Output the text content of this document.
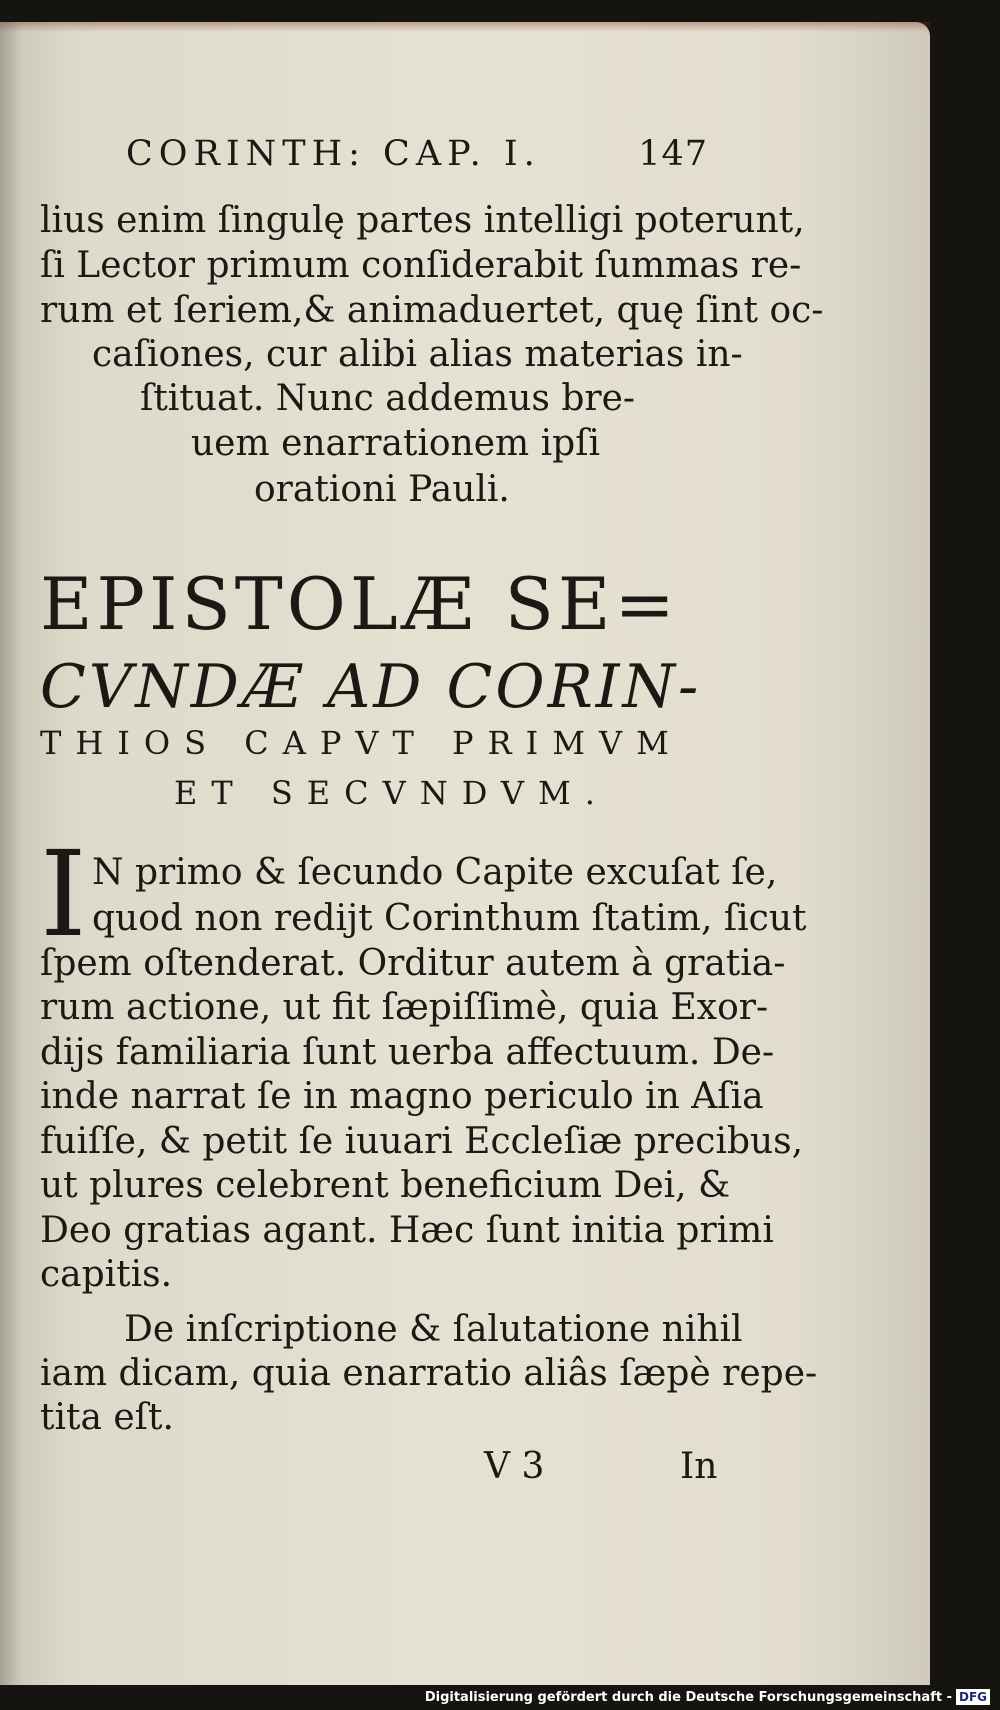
CORINTH: CAP. I.	147
lius enim ſingulę partes intelligi poterunt,
ſi Lector primum conſiderabit ſummas re-
rum et ſeriem,& animaduertet, quę ſint oc-
caſiones, cur alibi alias materias in-
ſtituat. Nunc addemus bre-
uem enarrationem ipſi
orationi Pauli.
EPISTOLÆ SE=
CVNDÆ AD CORIN-
THIOS CAPVT PRIMVM
ET SECVNDVM.
I N primo & ſecundo Capite excuſat ſe,
quod non rediјt Corinthum ſtatim, ſicut
ſpem oſtenderat. Orditur autem à gratia-
rum actione, ut fit ſæpiſſimè, quia Exor-
diјs familiaria ſunt uerba affectuum. De-
inde narrat ſe in magno periculo in Aſia
fuiſſe, & petit ſe iuuari Eccleſiæ precibus,
ut plures celebrent beneficium Dei, &
Deo gratias agant. Hæc ſunt initia primi
capitis.
De inſcriptione & ſalutatione nihil
iam dicam, quia enarratio aliâs ſæpè repe-
tita eſt.
V 3	In
Digitalisierung gefördert durch die Deutsche Forschungsgemeinschaft - DFG
